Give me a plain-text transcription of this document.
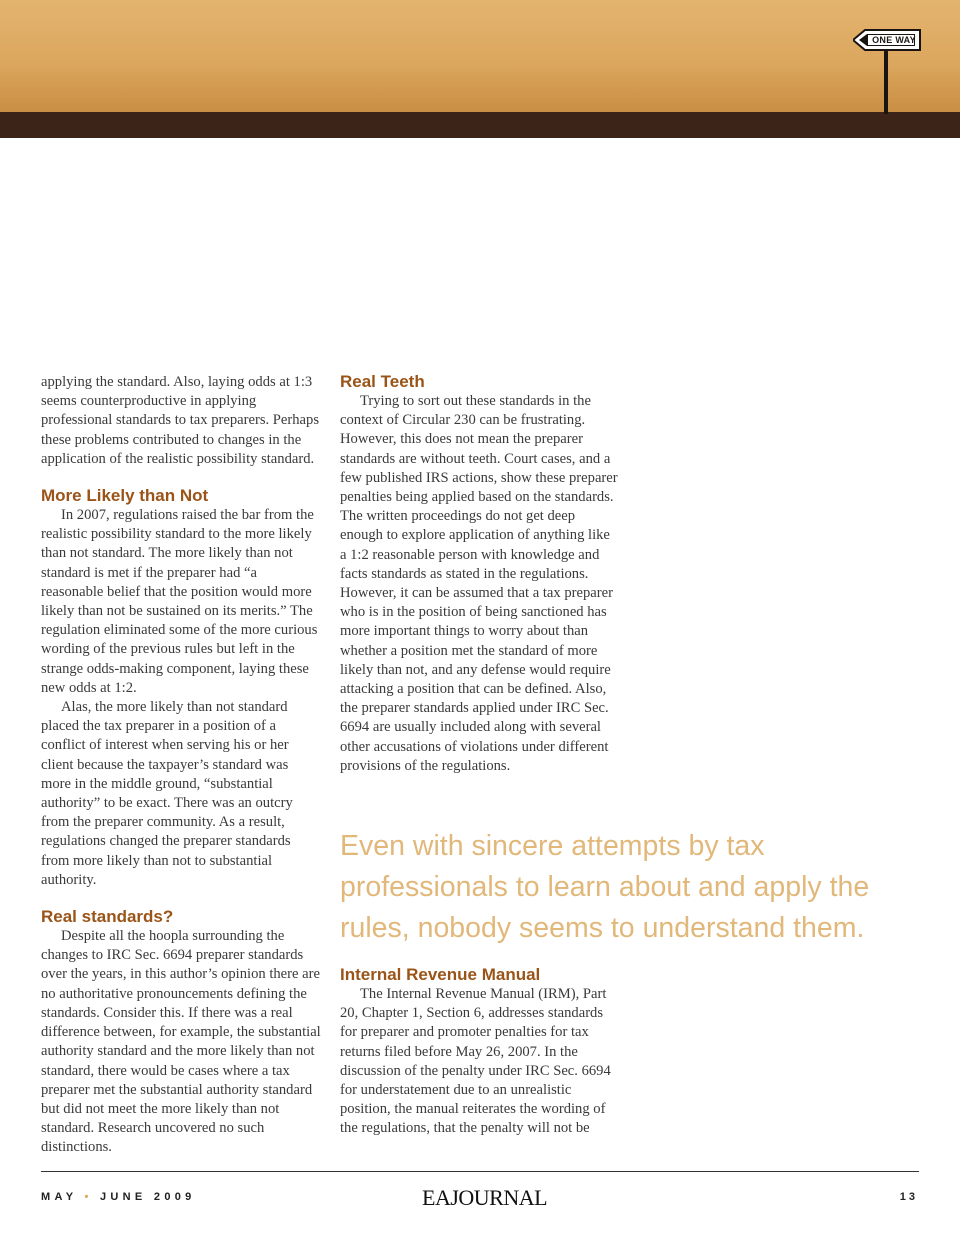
ONE WAY

applying the standard. Also, laying odds at 1:3 seems counterproductive in applying professional standards to tax preparers. Perhaps these problems contributed to changes in the application of the realistic possibility standard.

More Likely than Not

In 2007, regulations raised the bar from the realistic possibility standard to the more likely than not standard. The more likely than not standard is met if the preparer had “a reasonable belief that the position would more likely than not be sustained on its merits.” The regulation eliminated some of the more curious wording of the previous rules but left in the strange odds-making component, laying these new odds at 1:2.

Alas, the more likely than not standard placed the tax preparer in a position of a conflict of interest when serving his or her client because the taxpayer’s standard was more in the middle ground, “substantial authority” to be exact. There was an outcry from the preparer community. As a result, regulations changed the preparer standards from more likely than not to substantial authority.

Real standards?

Despite all the hoopla surrounding the changes to IRC Sec. 6694 preparer standards over the years, in this author’s opinion there are no authoritative pronouncements defining the standards. Consider this. If there was a real difference between, for example, the substantial authority standard and the more likely than not standard, there would be cases where a tax preparer met the substantial authority standard but did not meet the more likely than not standard. Research uncovered no such distinctions.

Real Teeth

Trying to sort out these standards in the context of Circular 230 can be frustrating. However, this does not mean the preparer standards are without teeth. Court cases, and a few published IRS actions, show these preparer penalties being applied based on the standards. The written proceedings do not get deep enough to explore application of anything like a 1:2 reasonable person with knowledge and facts standards as stated in the regulations. However, it can be assumed that a tax preparer who is in the position of being sanctioned has more important things to worry about than whether a position met the standard of more likely than not, and any defense would require attacking a position that can be defined. Also, the preparer standards applied under IRC Sec. 6694 are usually included along with several other accusations of violations under different provisions of the regulations.

Even with sincere attempts by tax professionals to learn about and apply the rules, nobody seems to understand them.
Internal Revenue Manual

The Internal Revenue Manual (IRM), Part 20, Chapter 1, Section 6, addresses standards for preparer and promoter penalties for tax returns filed before May 26, 2007. In the discussion of the penalty under IRC Sec. 6694 for understatement due to an unrealistic position, the manual reiterates the wording of the regulations, that the penalty will not be

MAY • JUNE 2009	EAJOURNAL	13
